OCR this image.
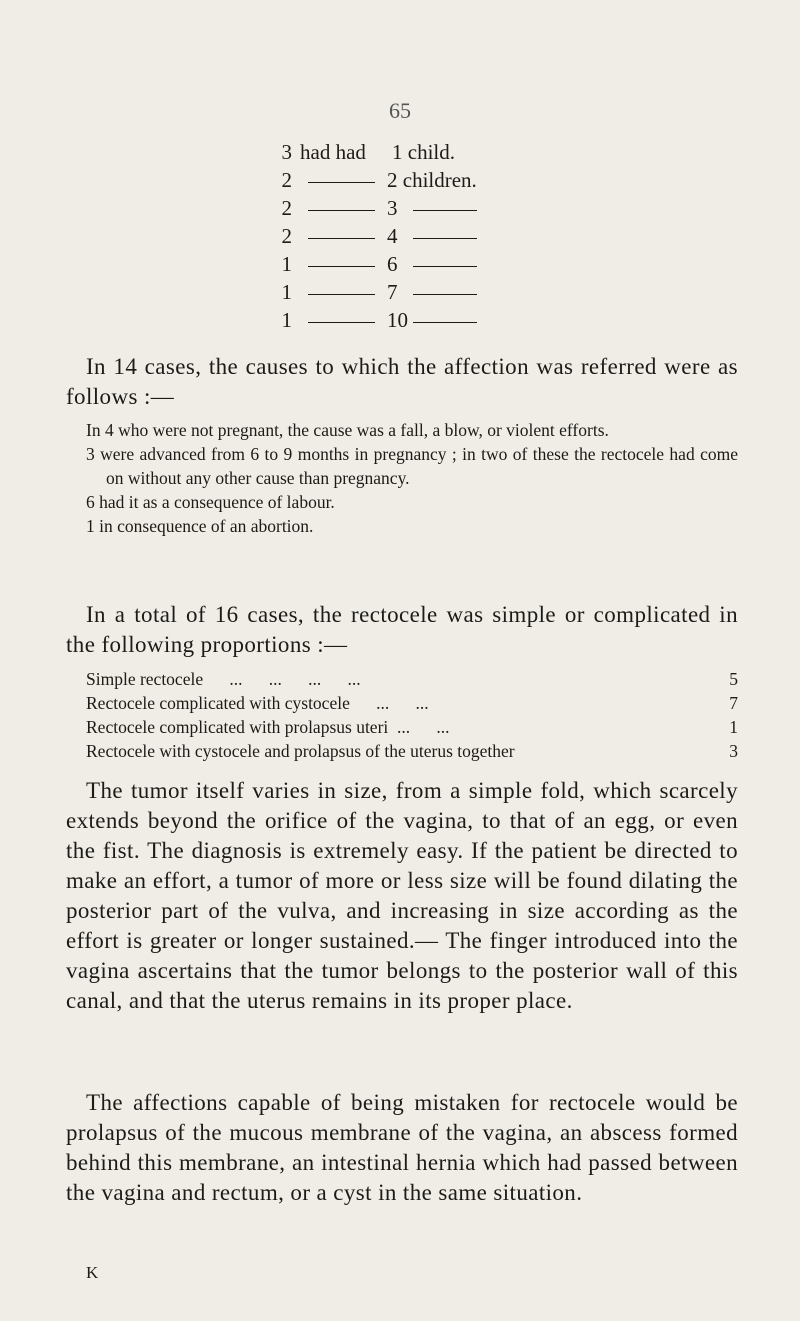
65
3 had had	1 child.
2	2 children.
2	3
2	4
1	6
1	7
1	10

In 14 cases, the causes to which the affection was referred were as follows :—

In 4 who were not pregnant, the cause was a fall, a blow, or violent efforts.
3 were advanced from 6 to 9 months in pregnancy ; in two of these the rectocele had come on without any other cause than pregnancy.
6 had it as a consequence of labour.
1 in consequence of an abortion.

In a total of 16 cases, the rectocele was simple or complicated in the following proportions :—

Simple rectocele      ...      ...      ...      ...	5
Rectocele complicated with cystocele      ...      ...	7
Rectocele complicated with prolapsus uteri  ...      ...	1
Rectocele with cystocele and prolapsus of the uterus together	3

The tumor itself varies in size, from a simple fold, which scarcely extends beyond the orifice of the vagina, to that of an egg, or even the fist. The diagnosis is extremely easy. If the patient be directed to make an effort, a tumor of more or less size will be found dilating the posterior part of the vulva, and increasing in size according as the effort is greater or longer sustained.— The finger introduced into the vagina ascertains that the tumor belongs to the posterior wall of this canal, and that the uterus remains in its proper place.

The affections capable of being mistaken for rectocele would be prolapsus of the mucous membrane of the vagina, an abscess formed behind this membrane, an intestinal hernia which had passed between the vagina and rectum, or a cyst in the same situation.

K
